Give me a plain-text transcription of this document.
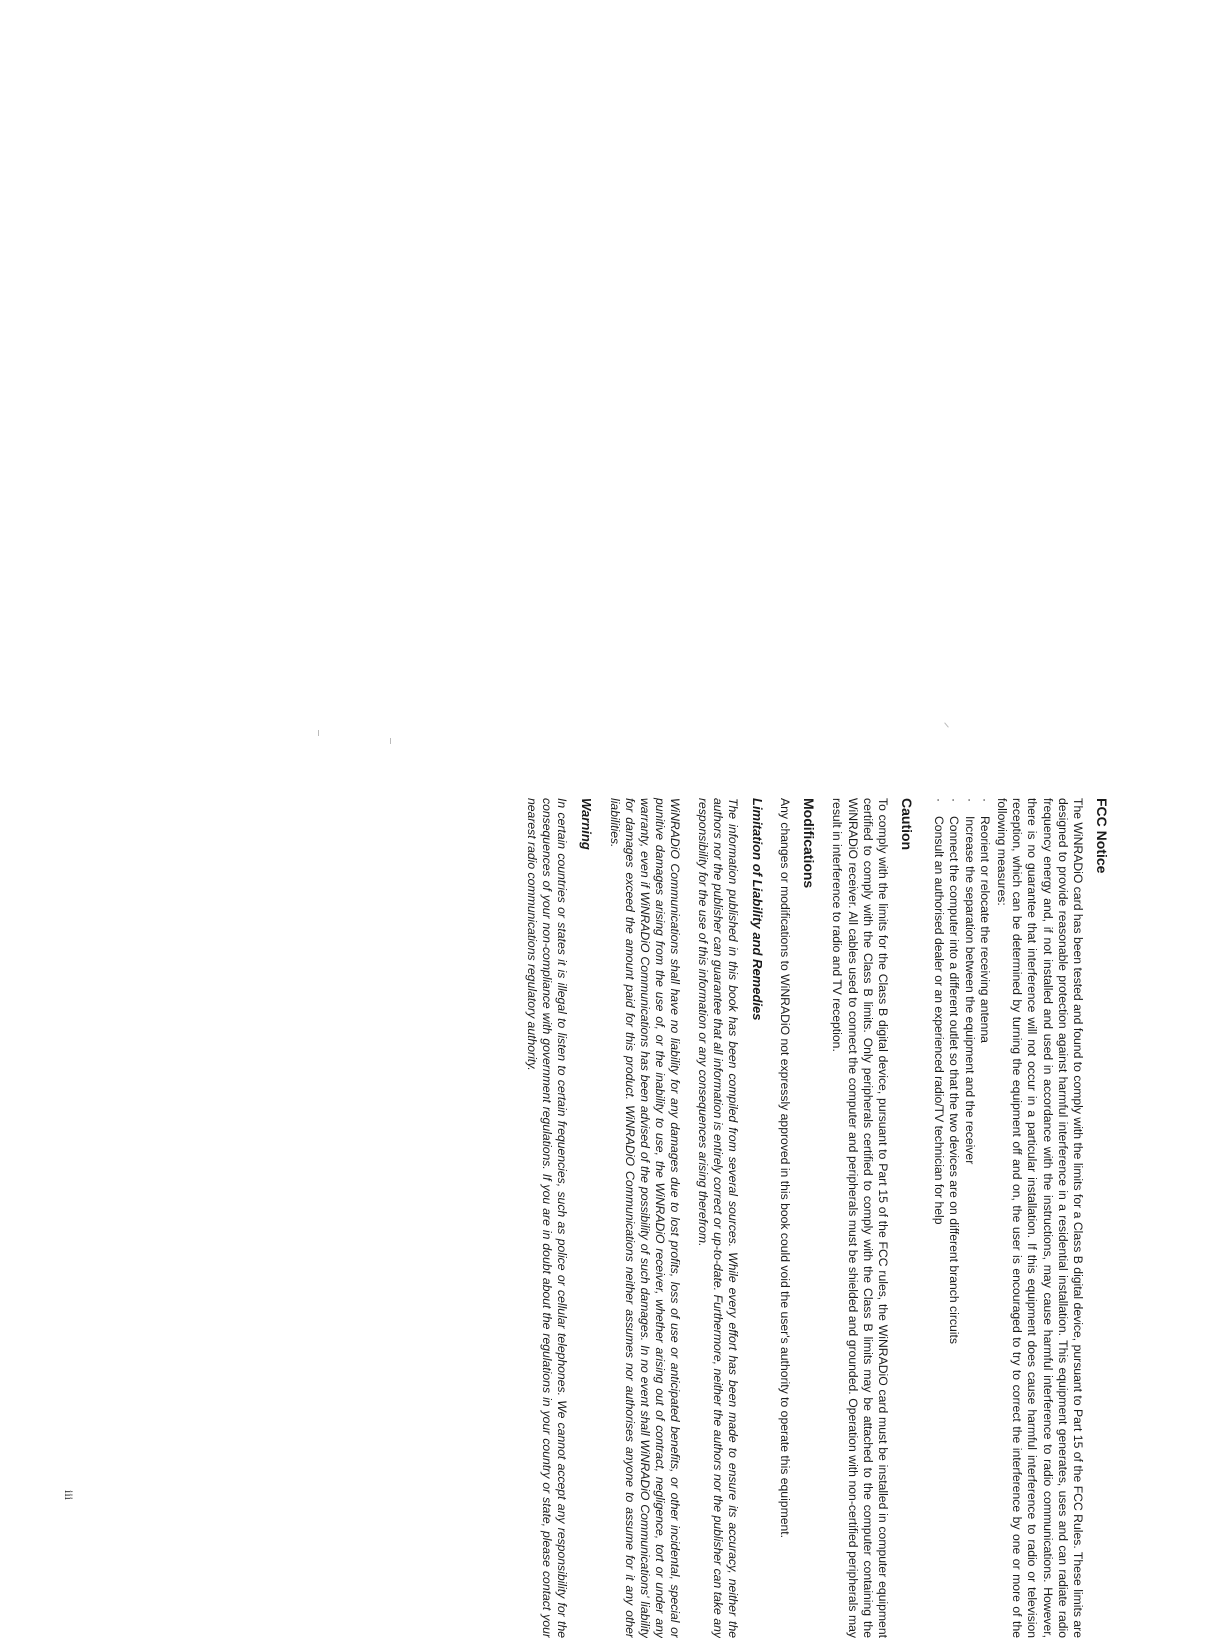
FCC Notice

The WiNRADiO card has been tested and found to comply with the limits for a Class B digital device, pursuant to Part 15 of the FCC Rules. These limits are designed to provide reasonable protection against harmful interference in a residential installation. This equipment generates, uses and can radiate radio frequency energy and, if not installed and used in accordance with the instructions, may cause harmful interference to radio communications. However, there is no guarantee that interference will not occur in a particular installation. If this equipment does cause harmful interference to radio or television reception, which can be determined by turning the equipment off and on, the user is encouraged to try to correct the interference by one or more of the following measures:

· Reorient or relocate the receiving antenna
· Increase the separation between the equipment and the receiver
· Connect the computer into a different outlet so that the two devices are on different branch circuits
· Consult an authorised dealer or an experienced radio/TV technician for help
Caution

To comply with the limits for the Class B digital device, pursuant to Part 15 of the FCC rules, the WiNRADiO card must be installed in computer equipment certified to comply with the Class B limits. Only peripherals certified to comply with the Class B limits may be attached to the computer containing the WiNRADiO receiver. All cables used to connect the computer and peripherals must be shielded and grounded. Operation with non-certified peripherals may result in interference to radio and TV reception.

Modifications

Any changes or modifications to WiNRADiO not expressly approved in this book could void the user's authority to operate this equipment.

Limitation of Liability and Remedies

The information published in this book has been compiled from several sources. While every effort has been made to ensure its accuracy, neither the authors nor the publisher can guarantee that all information is entirely correct or up-to-date. Furthermore, neither the authors nor the publisher can take any responsibility for the use of this information or any consequences arising therefrom.

WiNRADiO Communications shall have no liability for any damages due to lost profits, loss of use or anticipated benefits, or other incidental, special or punitive damages arising from the use of, or the inability to use, the WiNRADiO receiver, whether arising out of contract, negligence, tort or under any warranty, even if WiNRADiO Communications has been advised of the possibility of such damages. In no event shall WiNRADiO Communications' liability for damages exceed the amount paid for this product. WiNRADiO Communications neither assumes nor authorises anyone to assume for it any other liabilities.

Warning

In certain countries or states it is illegal to listen to certain frequencies, such as police or cellular telephones. We cannot accept any responsibility for the consequences of your non-compliance with government regulations. If you are in doubt about the regulations in your country or state, please contact your nearest radio communications regulatory authority.

iii
